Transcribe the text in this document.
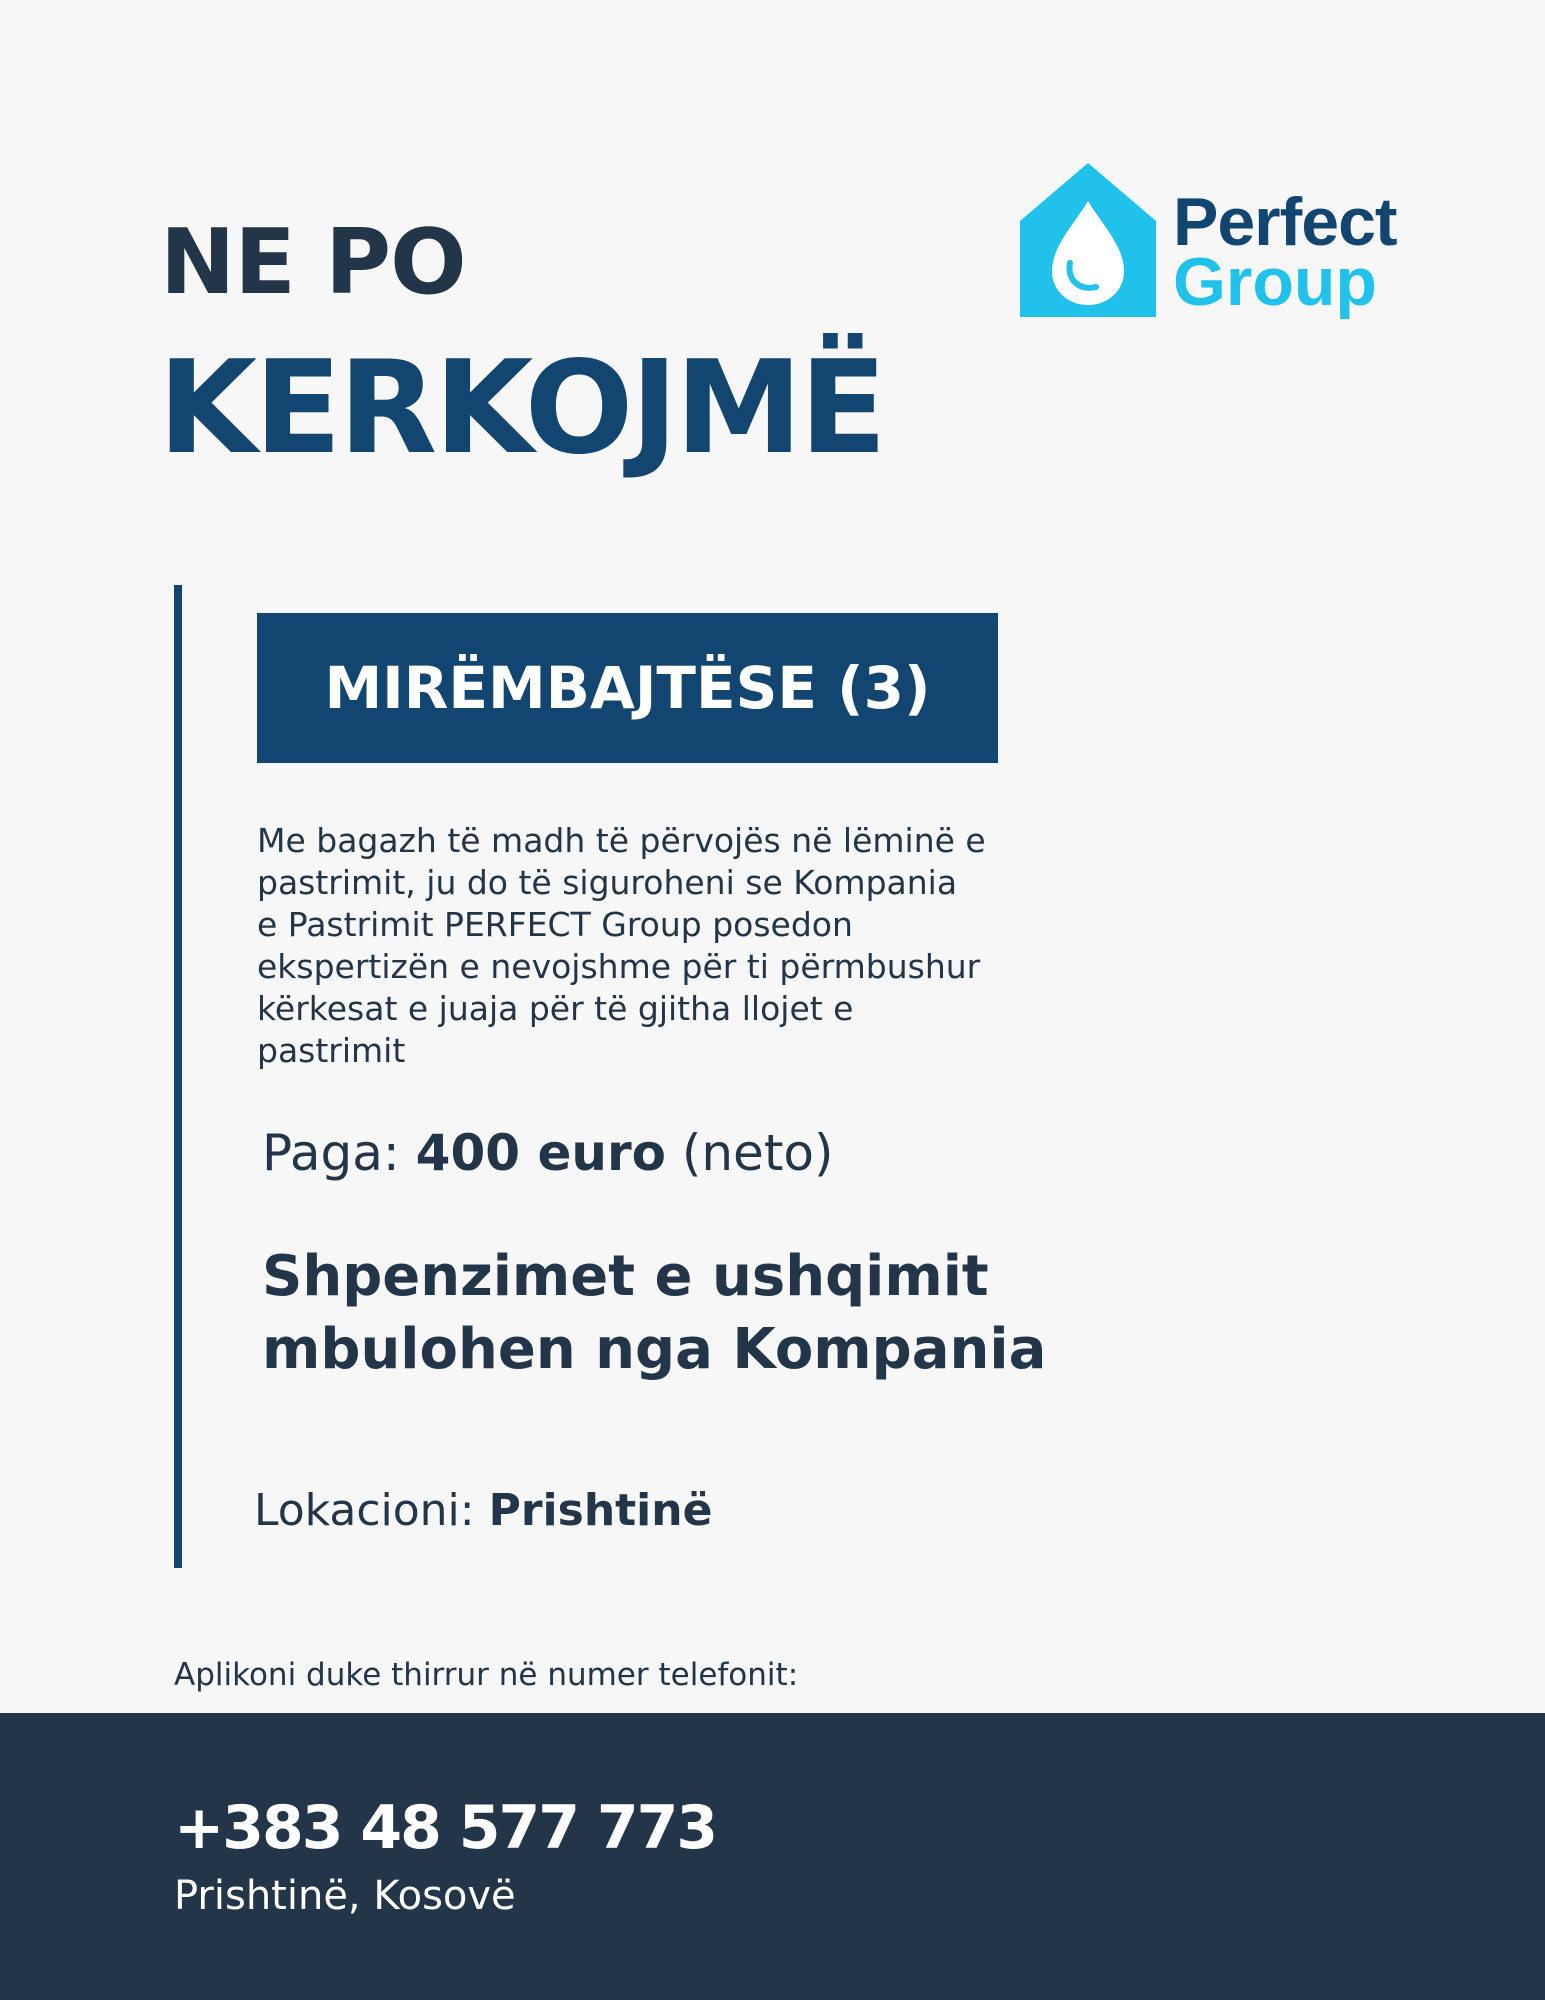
NE PO
KERKOJMË
Perfect
Group
MIRËMBAJTËSE (3)
Me bagazh të madh të përvojës në lëminë e
pastrimit, ju do të siguroheni se Kompania
e Pastrimit PERFECT Group posedon
ekspertizën e nevojshme për ti përmbushur
kërkesat e juaja për të gjitha llojet e
pastrimit
Paga: 400 euro (neto)
Shpenzimet e ushqimit
mbulohen nga Kompania
Lokacioni: Prishtinë
Aplikoni duke thirrur në numer telefonit:
+383 48 577 773
Prishtinë, Kosovë
